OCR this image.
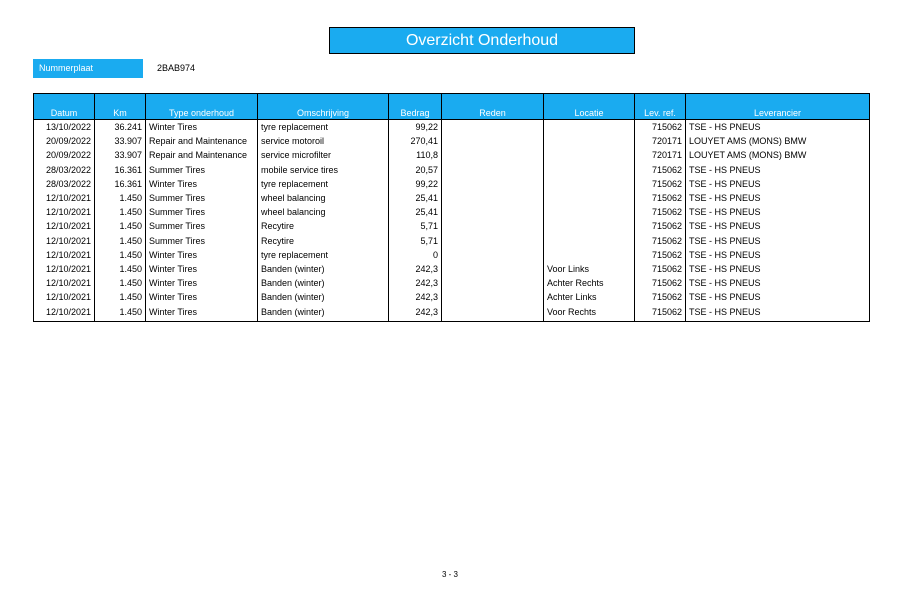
Overzicht Onderhoud
Nummerplaat	2BAB974
Datum	Km	Type onderhoud	Omschrijving	Bedrag	Reden	Locatie	Lev. ref.	Leverancier
13/10/2022	36.241	Winter Tires	tyre replacement	99,22			715062	TSE - HS PNEUS
20/09/2022	33.907	Repair and Maintenance	service motoroil	270,41			720171	LOUYET AMS (MONS) BMW
20/09/2022	33.907	Repair and Maintenance	service microfilter	110,8			720171	LOUYET AMS (MONS) BMW
28/03/2022	16.361	Summer Tires	mobile service tires	20,57			715062	TSE - HS PNEUS
28/03/2022	16.361	Winter Tires	tyre replacement	99,22			715062	TSE - HS PNEUS
12/10/2021	1.450	Summer Tires	wheel balancing	25,41			715062	TSE - HS PNEUS
12/10/2021	1.450	Summer Tires	wheel balancing	25,41			715062	TSE - HS PNEUS
12/10/2021	1.450	Summer Tires	Recytire	5,71			715062	TSE - HS PNEUS
12/10/2021	1.450	Summer Tires	Recytire	5,71			715062	TSE - HS PNEUS
12/10/2021	1.450	Winter Tires	tyre replacement	0			715062	TSE - HS PNEUS
12/10/2021	1.450	Winter Tires	Banden (winter)	242,3		Voor Links	715062	TSE - HS PNEUS
12/10/2021	1.450	Winter Tires	Banden (winter)	242,3		Achter Rechts	715062	TSE - HS PNEUS
12/10/2021	1.450	Winter Tires	Banden (winter)	242,3		Achter Links	715062	TSE - HS PNEUS
12/10/2021	1.450	Winter Tires	Banden (winter)	242,3		Voor Rechts	715062	TSE - HS PNEUS
3 - 3
